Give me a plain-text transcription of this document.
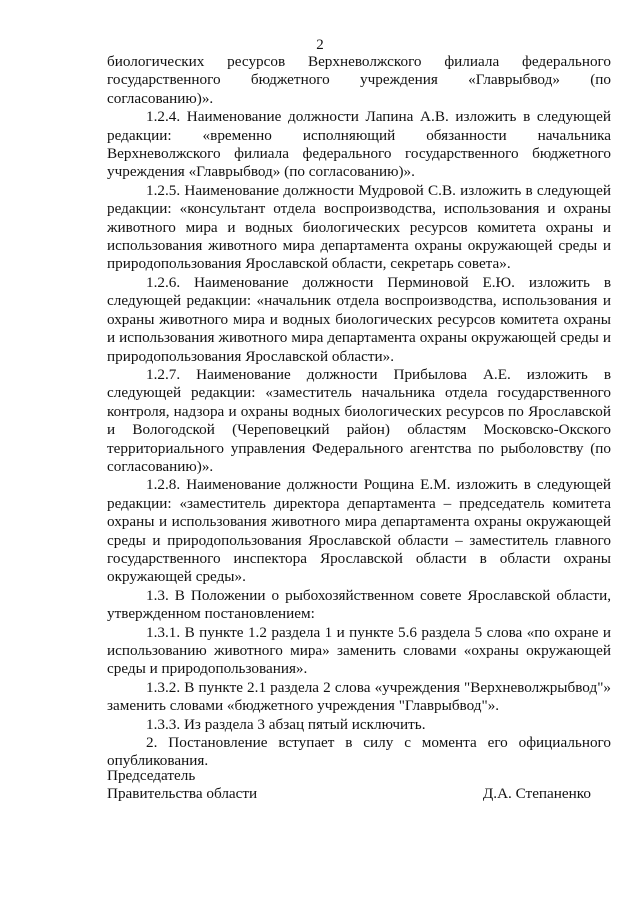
2

биологических ресурсов Верхневолжского филиала федерального государственного бюджетного учреждения «Главрыбвод» (по согласованию)».

1.2.4. Наименование должности Лапина А.В. изложить в следующей редакции: «временно исполняющий обязанности начальника Верхневолжского филиала федерального государственного бюджетного учреждения «Главрыбвод» (по согласованию)».

1.2.5. Наименование должности Мудровой С.В. изложить в следующей редакции: «консультант отдела воспроизводства, использования и охраны животного мира и водных биологических ресурсов комитета охраны и использования животного мира департамента охраны окружающей среды и природопользования Ярославской области, секретарь совета».

1.2.6. Наименование должности Перминовой Е.Ю. изложить в следующей редакции: «начальник отдела воспроизводства, использования и охраны животного мира и водных биологических ресурсов комитета охраны и использования животного мира департамента охраны окружающей среды и природопользования Ярославской области».

1.2.7. Наименование должности Прибылова А.Е. изложить в следующей редакции: «заместитель начальника отдела государственного контроля, надзора и охраны водных биологических ресурсов по Ярославской и Вологодской (Череповецкий район) областям Московско-Окского территориального управления Федерального агентства по рыболовству (по согласованию)».

1.2.8. Наименование должности Рощина Е.М. изложить в следующей редакции: «заместитель директора департамента – председатель комитета охраны и использования животного мира департамента охраны окружающей среды и природопользования Ярославской области – заместитель главного государственного инспектора Ярославской области в области охраны окружающей среды».

1.3. В Положении о рыбохозяйственном совете Ярославской области, утвержденном постановлением:

1.3.1. В пункте 1.2 раздела 1 и пункте 5.6 раздела 5 слова «по охране и использованию животного мира» заменить словами «охраны окружающей среды и природопользования».

1.3.2. В пункте 2.1 раздела 2 слова «учреждения "Верхневолжрыбвод"» заменить словами «бюджетного учреждения "Главрыбвод"».

1.3.3. Из раздела 3 абзац пятый исключить.

2. Постановление вступает в силу с момента его официального опубликования.

Председатель
Правительства области	Д.А. Степаненко
